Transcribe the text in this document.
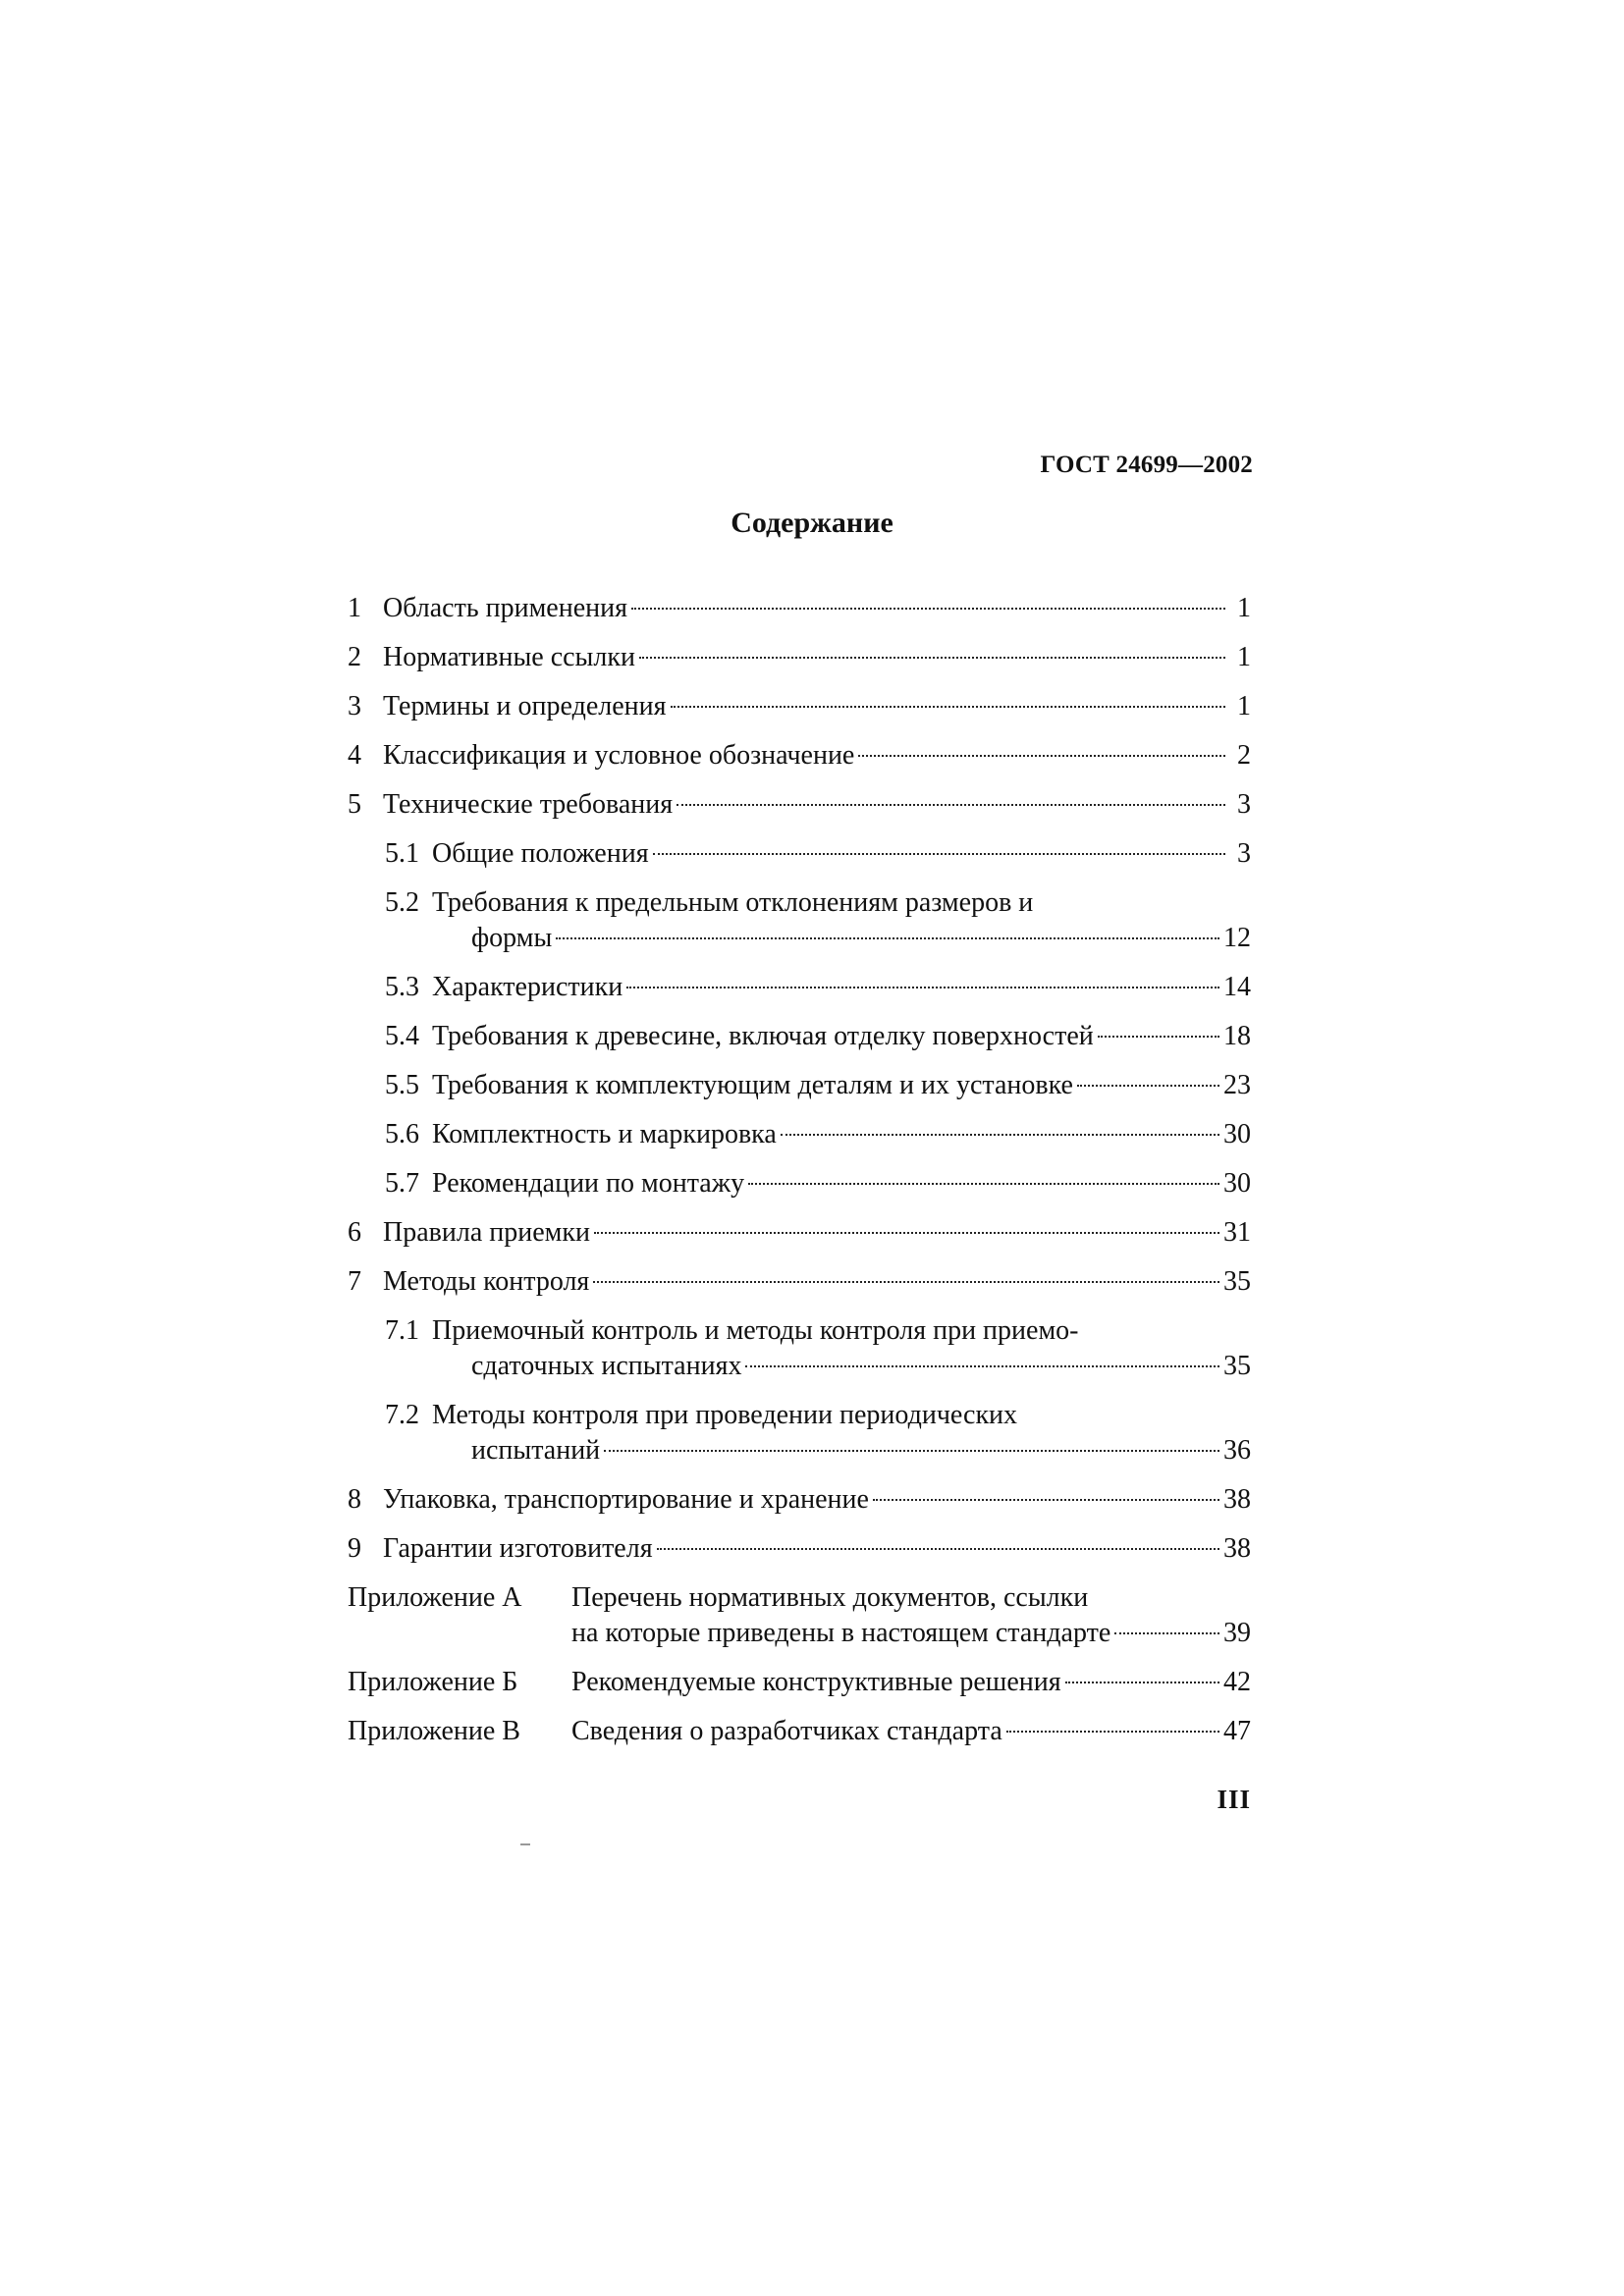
ГОСТ 24699—2002
Содержание
1 Область применения	1
2 Нормативные ссылки	1
3 Термины и определения	1
4 Классификация и условное обозначение	2
5 Технические требования	3
5.1 Общие положения	3
5.2 Требования к предельным отклонениям размеров и
формы	12
5.3 Характеристики	14
5.4 Требования к древесине, включая отделку поверхностей	18
5.5 Требования к комплектующим деталям и их установке	23
5.6 Комплектность и маркировка	30
5.7 Рекомендации по монтажу	30
6 Правила приемки	31
7 Методы контроля	35
7.1 Приемочный контроль и методы контроля при приемо-
сдаточных испытаниях	35
7.2 Методы контроля при проведении периодических
испытаний	36
8 Упаковка, транспортирование и хранение	38
9 Гарантии изготовителя	38
Приложение А Перечень нормативных документов, ссылки
на которые приведены в настоящем стандарте	39
Приложение Б Рекомендуемые конструктивные решения	42
Приложение В Сведения о разработчиках стандарта	47
III
